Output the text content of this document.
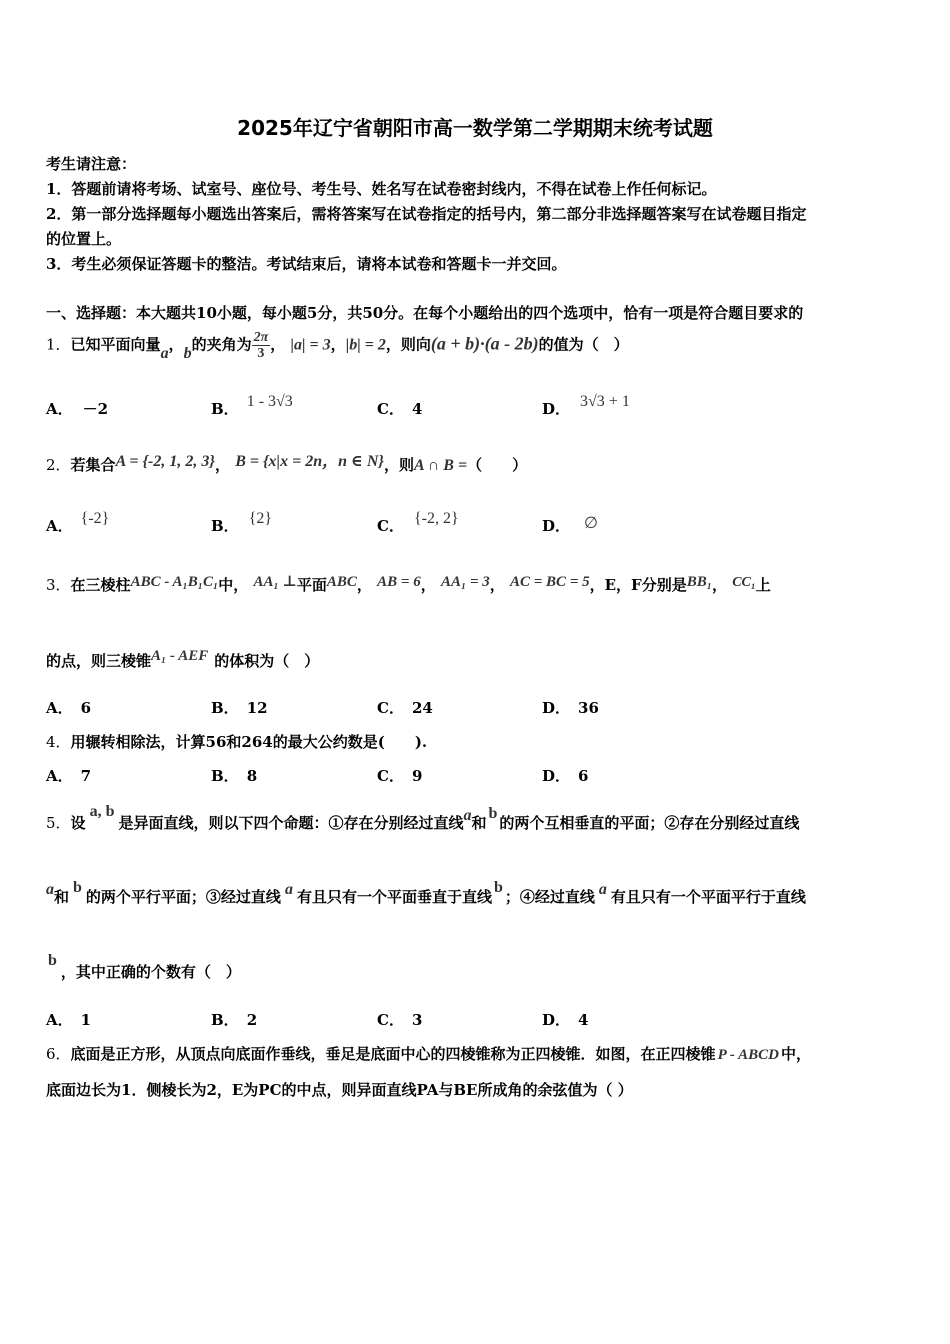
2025年辽宁省朝阳市高一数学第二学期期末统考试题
考生请注意：
1．答题前请将考场、试室号、座位号、考生号、姓名写在试卷密封线内，不得在试卷上作任何标记。
2．第一部分选择题每小题选出答案后，需将答案写在试卷指定的括号内，第二部分非选择题答案写在试卷题目指定
的位置上。
3．考生必须保证答题卡的整洁。考试结束后，请将本试卷和答题卡一并交回。
一、选择题：本大题共10小题，每小题5分，共50分。在每个小题给出的四个选项中，恰有一项是符合题目要求的
1．已知平面向量a，b的夹角为 $\frac{2\pi}{3}$ ， |a| = 3，|b| = 2，则向(a + b)·(a - 2b)的值为（　）
A． －2	B． 1 - 3√3	C． 4	D． 3√3 + 1
2．若集合A = {-2, 1, 2, 3}， B = {x|x = 2n，n ∈ N}，则A ∩ B =（　　）
A． {-2}	B． {2}	C． {-2, 2}	D． ∅
3．在三棱柱ABC - A₁B₁C₁中， AA₁ ⊥平面ABC， AB = 6， AA₁ = 3， AC = BC = 5，E，F分别是BB₁， CC₁上
的点，则三棱锥A₁ - AEF 的体积为（　）
A． 6	B． 12	C． 24	D． 36
4．用辗转相除法，计算56和264的最大公约数是(　　).
A． 7	B． 8	C． 9	D． 6
5．设a, b是异面直线，则以下四个命题：①存在分别经过直线a和b的两个互相垂直的平面；②存在分别经过直线
a和b的两个平行平面；③经过直线 a 有且只有一个平面垂直于直线b；④经过直线 a 有且只有一个平面平行于直线
b，其中正确的个数有（　）
A． 1	B． 2	C． 3	D． 4
6．底面是正方形，从顶点向底面作垂线，垂足是底面中心的四棱锥称为正四棱锥．如图，在正四棱锥 P - ABCD 中，
底面边长为1．侧棱长为2，E为PC的中点，则异面直线PA与BE所成角的余弦值为（ ）
